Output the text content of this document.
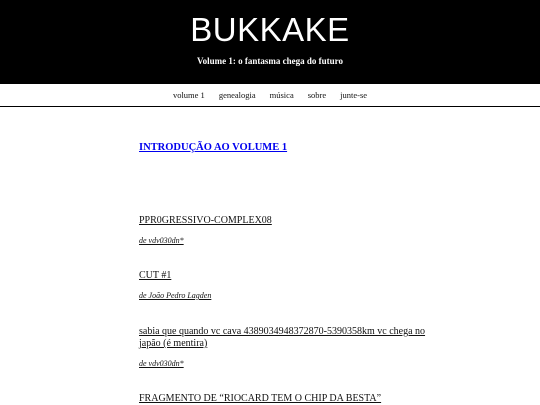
BUKKAKE
Volume 1: o fantasma chega do futuro
volume 1 genealogia música sobre junte-se
INTRODUÇÃO AO VOLUME 1
PPR0GRESSIVO-COMPLEX08
de vdv030dn*
CUT #1
de João Pedro Lagden
sabia que quando vc cava 4389034948372870-5390358km vc chega no japão (é mentira)
de vdv030dn*
FRAGMENTO DE “RIOCARD TEM O CHIP DA BESTA”
